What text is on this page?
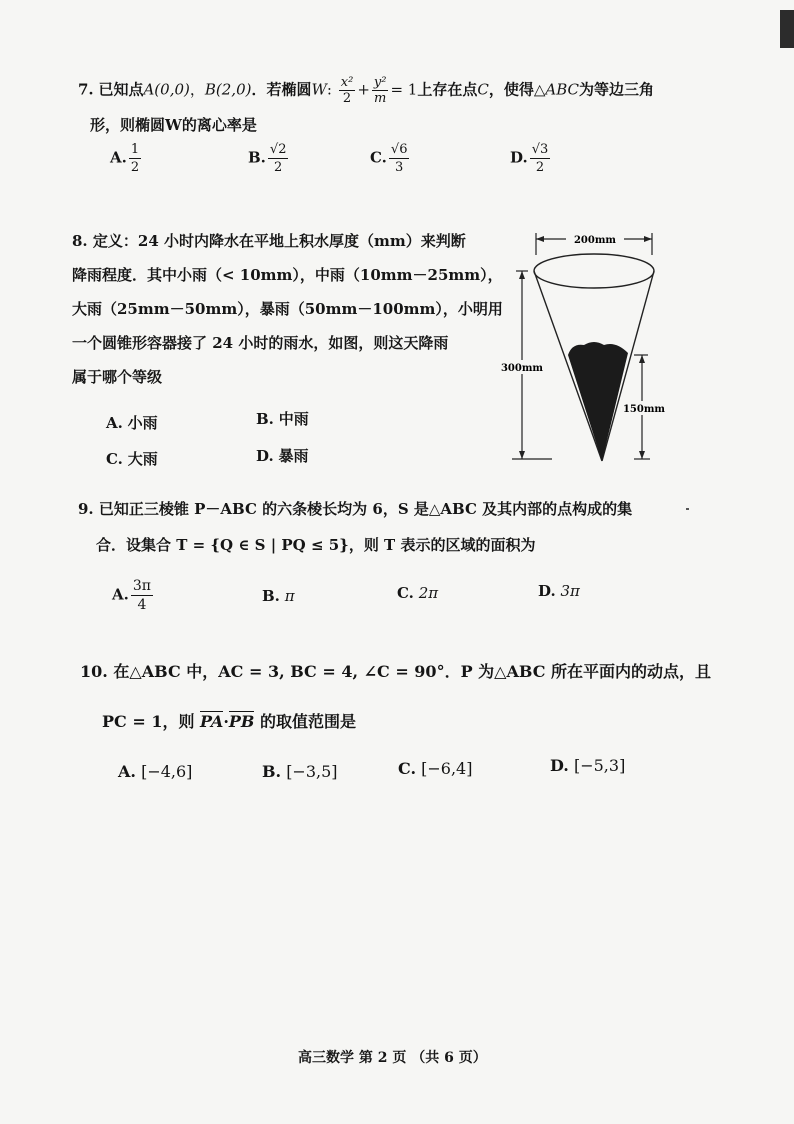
7. 已知点A(0,0)，B(2,0)．若椭圆W: $\frac{\text{x²}}{2} + \frac{\text{y²}}{m} = 1$上存在点C，使得△ABC为等边三角
形，则椭圆W的离心率是
A. $\frac{1}{2}$	B. $\frac{√2}{2}$	C. $\frac{√6}{3}$	D. $\frac{√3}{2}$
8. 定义：24 小时内降水在平地上积水厚度（mm）来判断
降雨程度．其中小雨（< 10mm），中雨（10mm－25mm），
大雨（25mm－50mm），暴雨（50mm－100mm），小明用
一个圆锥形容器接了 24 小时的雨水，如图，则这天降雨
属于哪个等级
A. 小雨	B. 中雨
C. 大雨	D. 暴雨
200mm
300mm
150mm
9. 已知正三棱锥 P－ABC 的六条棱长均为 6，S 是△ABC 及其内部的点构成的集
合．设集合 T = {Q ∈ S | PQ ≤ 5}，则 T 表示的区域的面积为
A. $\frac{3\pi}{4}$	B. π	C. 2π	D. 3π
10. 在△ABC 中，AC = 3, BC = 4, ∠C = 90°．P 为△ABC 所在平面内的动点，且
PC = 1，则 PA·PB 的取值范围是
A. [−4,6]	B. [−3,5]	C. [−6,4]	D. [−5,3]
高三数学 第 2 页 （共 6 页）
